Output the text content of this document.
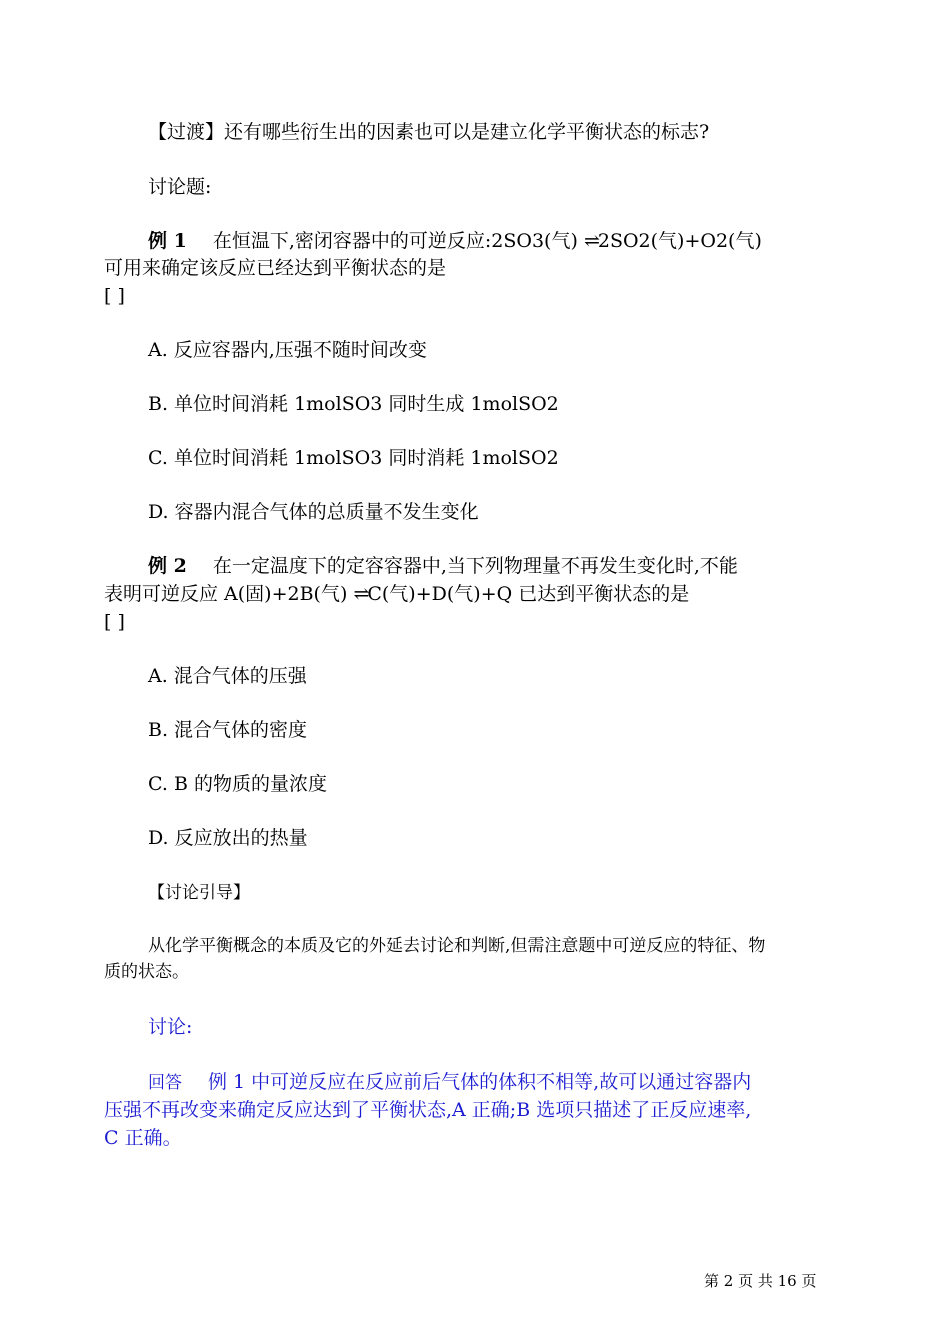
【过渡】还有哪些衍生出的因素也可以是建立化学平衡状态的标志?
讨论题:
例 1 在恒温下,密闭容器中的可逆反应:2SO3(气) ⇌2SO2(气)+O2(气)
可用来确定该反应已经达到平衡状态的是
[ ]
A. 反应容器内,压强不随时间改变
B. 单位时间消耗 1molSO3 同时生成 1molSO2
C. 单位时间消耗 1molSO3 同时消耗 1molSO2
D. 容器内混合气体的总质量不发生变化
例 2 在一定温度下的定容容器中,当下列物理量不再发生变化时,不能
表明可逆反应 A(固)+2B(气) ⇌C(气)+D(气)+Q 已达到平衡状态的是
[ ]
A. 混合气体的压强
B. 混合气体的密度
C. B 的物质的量浓度
D. 反应放出的热量
【讨论引导】
从化学平衡概念的本质及它的外延去讨论和判断,但需注意题中可逆反应的特征、物
质的状态。
讨论:
回答 例 1 中可逆反应在反应前后气体的体积不相等,故可以通过容器内
压强不再改变来确定反应达到了平衡状态,A 正确;B 选项只描述了正反应速率,
C 正确。
第 2 页 共 16 页
